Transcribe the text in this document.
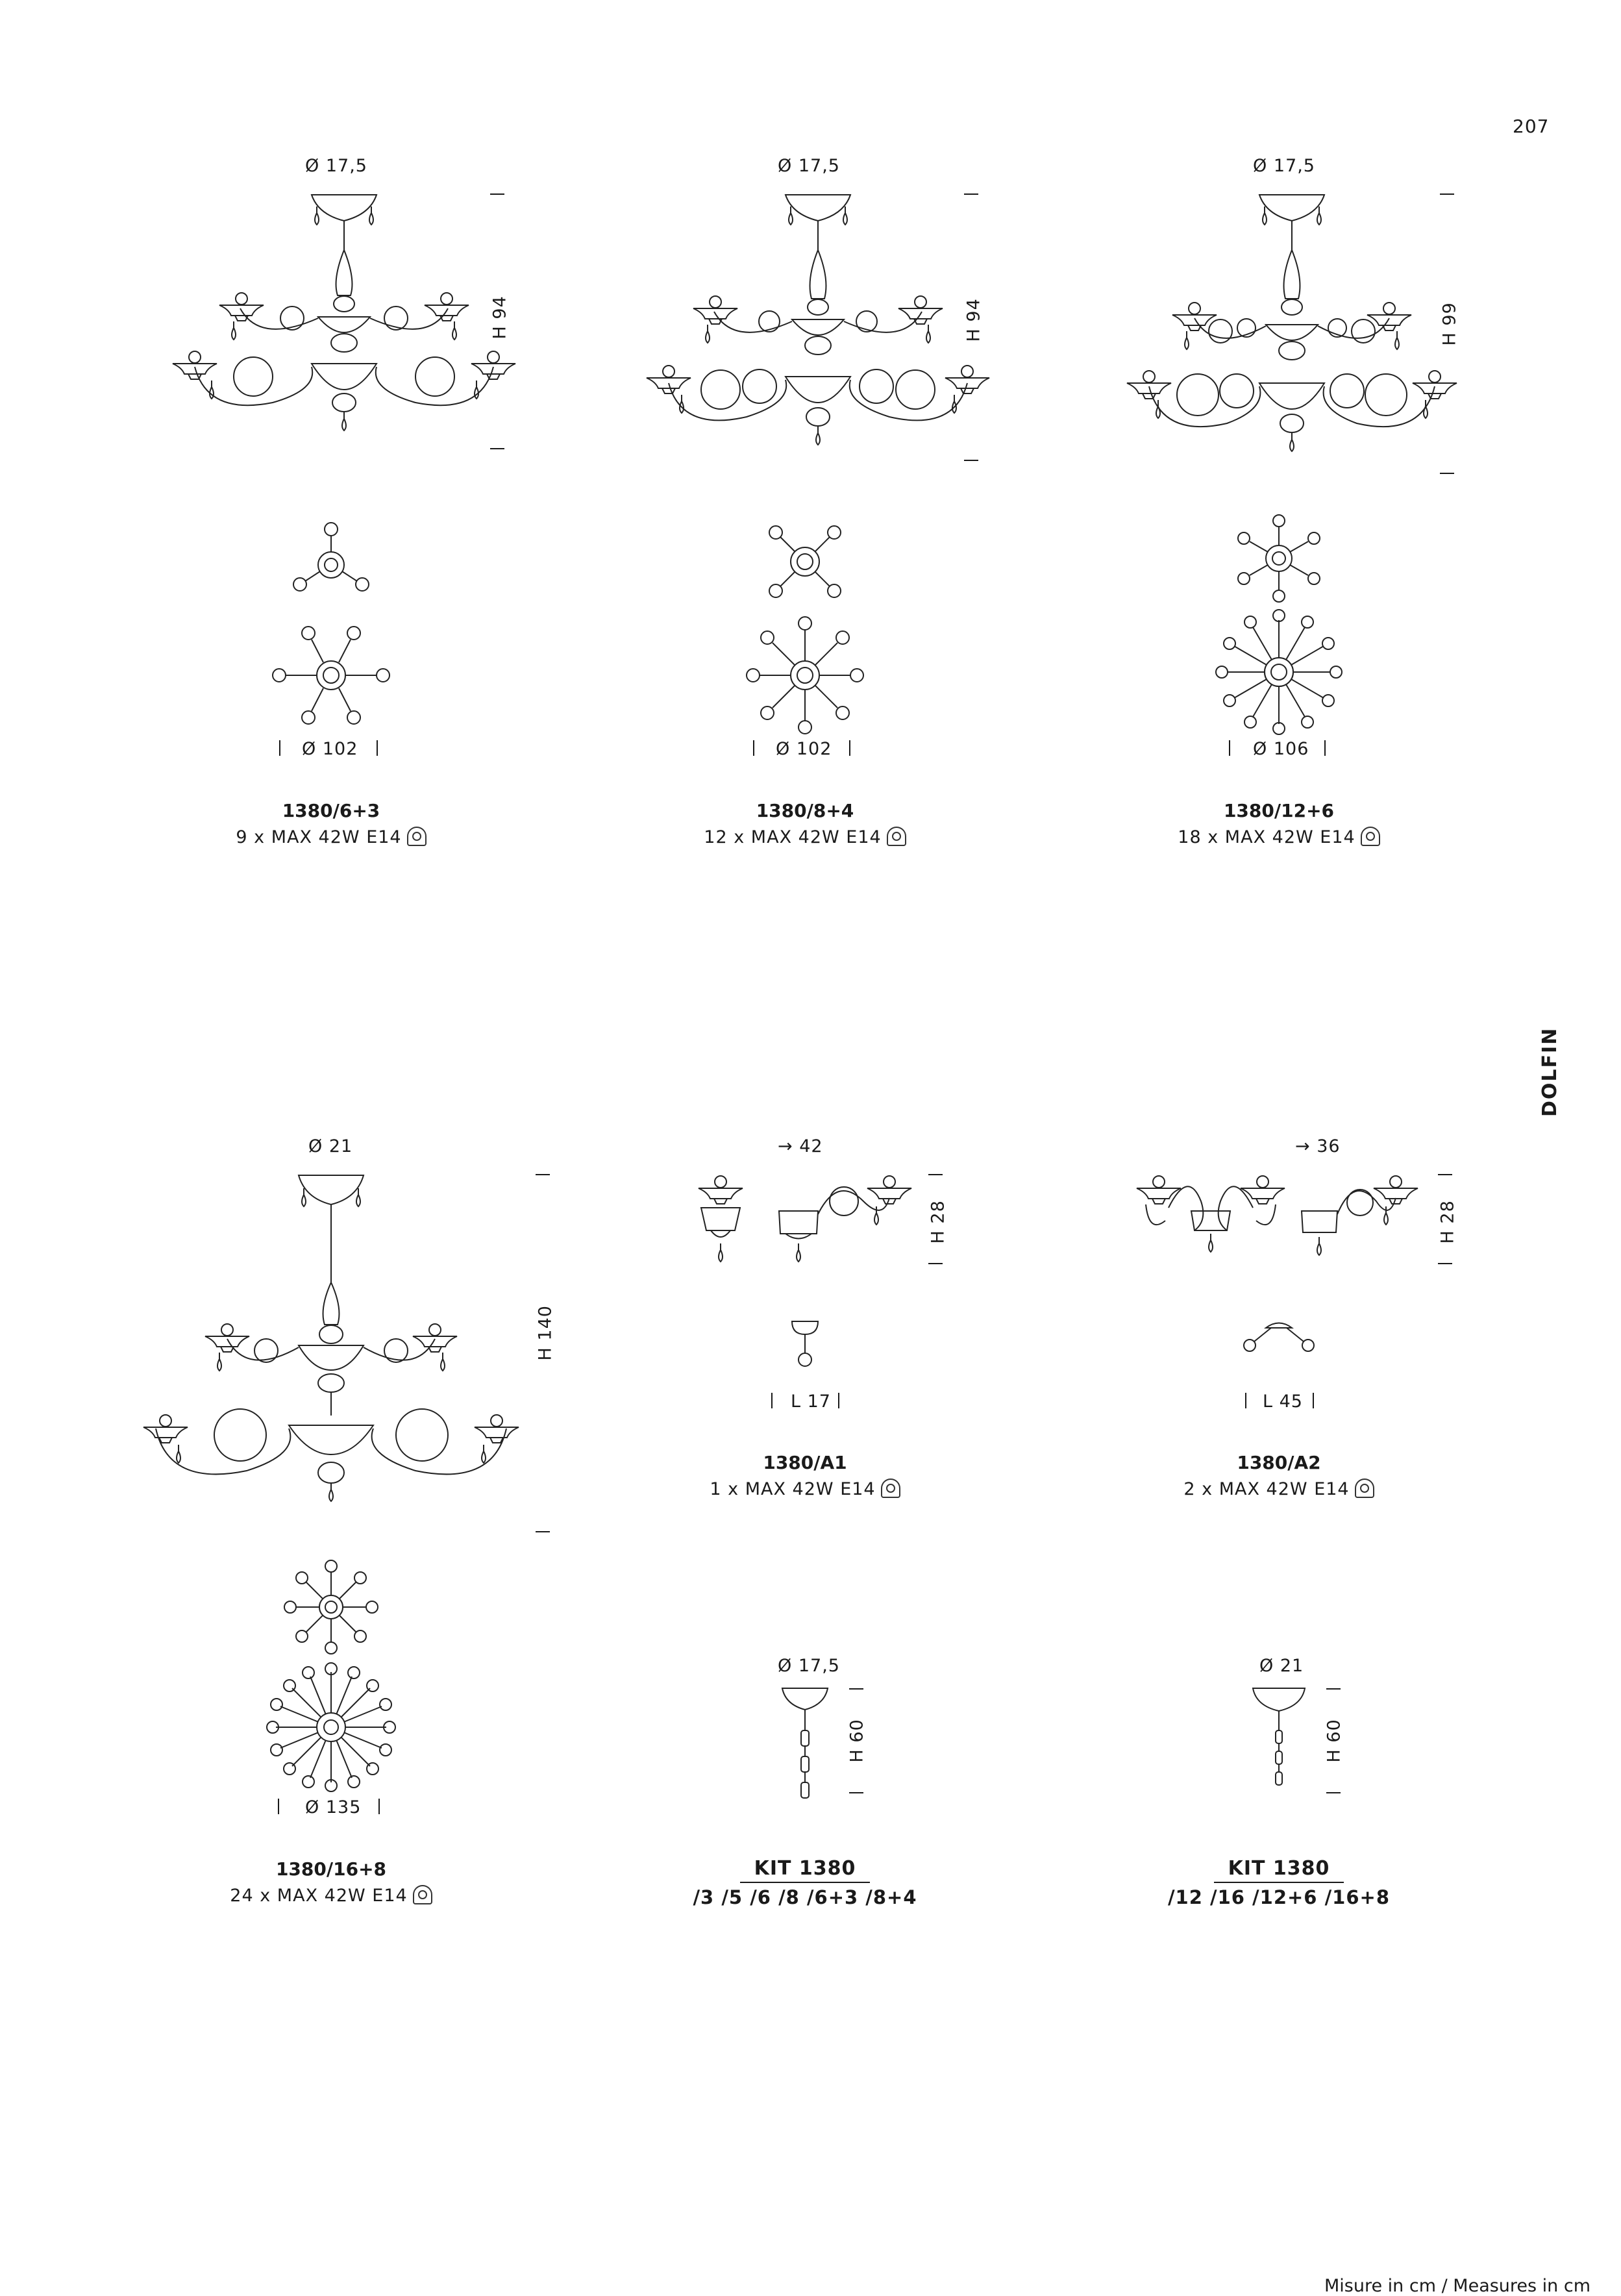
207
DOLFIN
Misure in cm / Measures in cm
Ø 17,5
H 94
Ø 102
1380/6+3
9 x MAX 42W E14
Ø 17,5
H 94
Ø 102
1380/8+4
12 x MAX 42W E14
Ø 17,5
H 99
Ø 106
1380/12+6
18 x MAX 42W E14
Ø 21
H 140
Ø 135
1380/16+8
24 x MAX 42W E14
→ 42
H 28
L 17
1380/A1
1 x MAX 42W E14
→ 36
H 28
L 45
1380/A2
2 x MAX 42W E14
Ø 17,5
H 60
KIT 1380
/3 /5 /6 /8 /6+3 /8+4
Ø 21
H 60
KIT 1380
/12 /16 /12+6 /16+8
